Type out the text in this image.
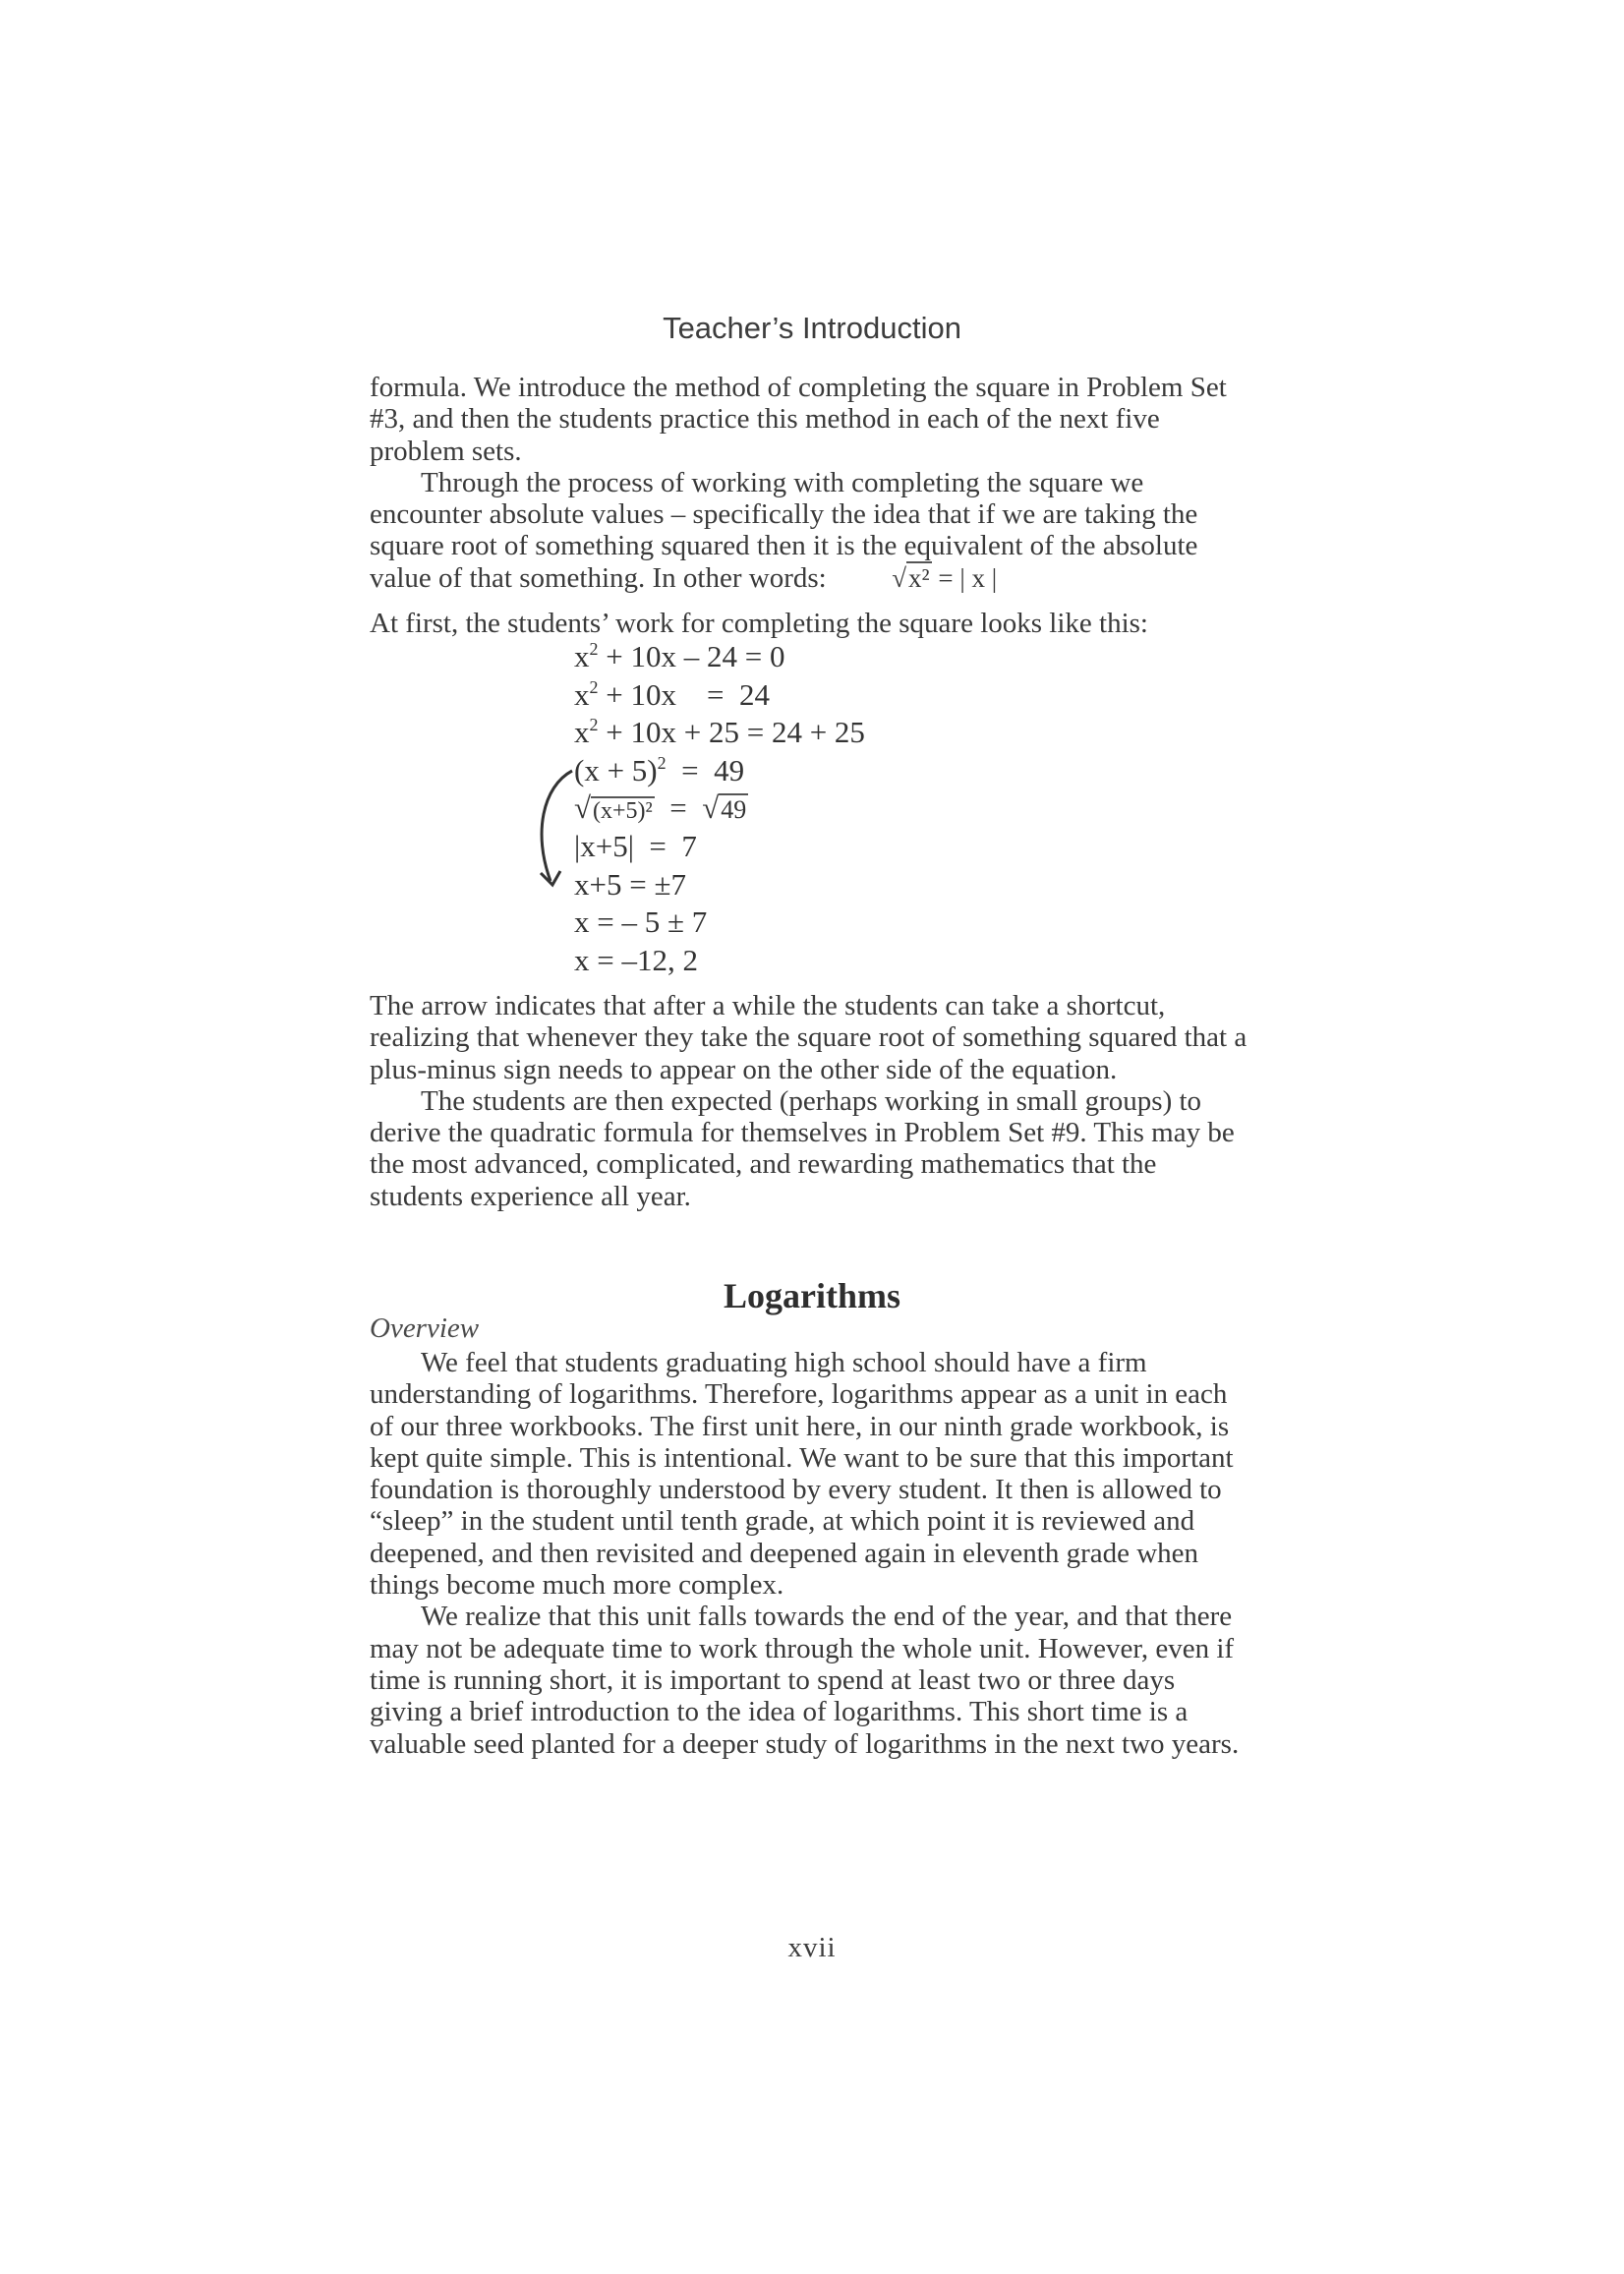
Teacher’s Introduction

formula. We introduce the method of completing the square in Problem Set #3, and then the students practice this method in each of the next five problem sets.

Through the process of working with completing the square we encounter absolute values – specifically the idea that if we are taking the square root of something squared then it is the equivalent of the absolute value of that something. In other words: √x² = | x |

At first, the students’ work for completing the square looks like this:
$x^2 + 10x - 24 = 0$
$x^2 + 10x$    =  24
$x^2 + 10x + 25 = 24 + 25$
$(x + 5)^2 = 49$
√(x+5)²  =  √49
|x+5|  =  7
x+5 = ±7
x = – 5 ± 7
x = –12, 2

The arrow indicates that after a while the students can take a shortcut, realizing that whenever they take the square root of something squared that a plus-minus sign needs to appear on the other side of the equation.

The students are then expected (perhaps working in small groups) to derive the quadratic formula for themselves in Problem Set #9. This may be the most advanced, complicated, and rewarding mathematics that the students experience all year.

Logarithms
Overview

We feel that students graduating high school should have a firm understanding of logarithms. Therefore, logarithms appear as a unit in each of our three workbooks. The first unit here, in our ninth grade workbook, is kept quite simple. This is intentional. We want to be sure that this important foundation is thoroughly understood by every student. It then is allowed to “sleep” in the student until tenth grade, at which point it is reviewed and deepened, and then revisited and deepened again in eleventh grade when things become much more complex.

We realize that this unit falls towards the end of the year, and that there may not be adequate time to work through the whole unit. However, even if time is running short, it is important to spend at least two or three days giving a brief introduction to the idea of logarithms. This short time is a valuable seed planted for a deeper study of logarithms in the next two years.

xvii
